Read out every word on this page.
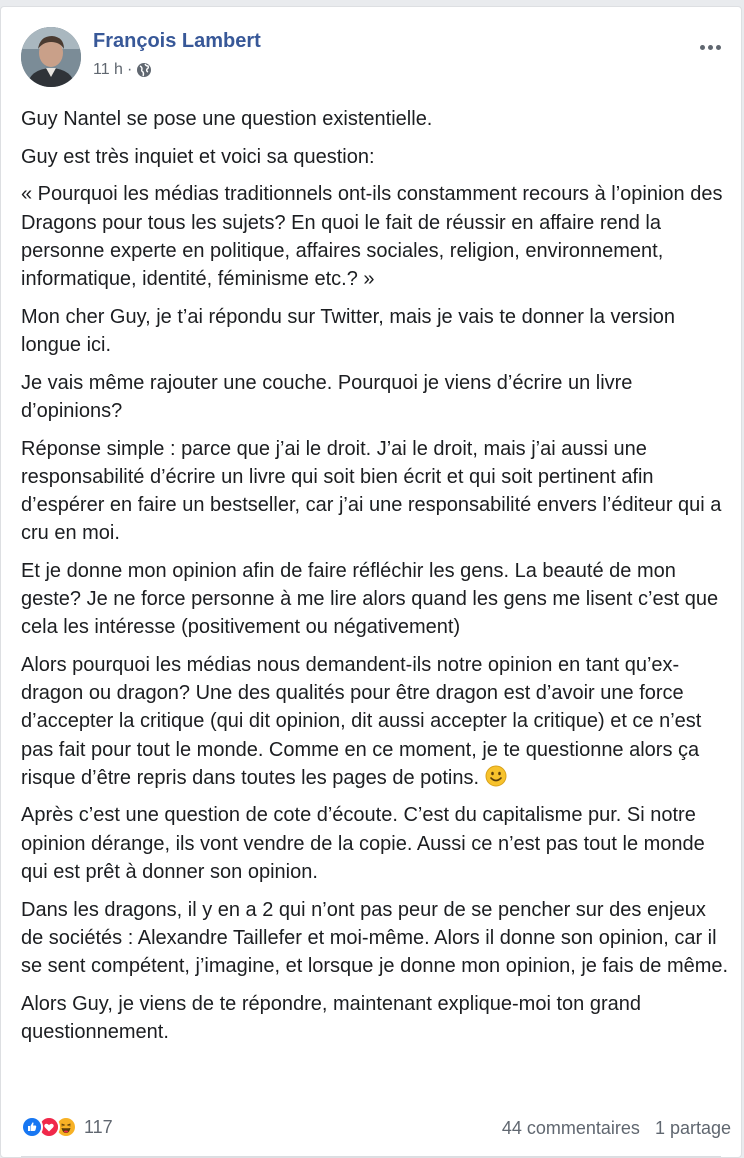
François Lambert
11 h ·

Guy Nantel se pose une question existentielle.

Guy est très inquiet et voici sa question:

« Pourquoi les médias traditionnels ont-ils constamment recours à l’opinion des Dragons pour tous les sujets? En quoi le fait de réussir en affaire rend la personne experte en politique, affaires sociales, religion, environnement, informatique, identité, féminisme etc.? »

Mon cher Guy, je t’ai répondu sur Twitter, mais je vais te donner la version longue ici.

Je vais même rajouter une couche. Pourquoi je viens d’écrire un livre d’opinions?

Réponse simple : parce que j’ai le droit. J’ai le droit, mais j’ai aussi une responsabilité d’écrire un livre qui soit bien écrit et qui soit pertinent afin d’espérer en faire un bestseller, car j’ai une responsabilité envers l’éditeur qui a cru en moi.

Et je donne mon opinion afin de faire réfléchir les gens. La beauté de mon geste? Je ne force personne à me lire alors quand les gens me lisent c’est que cela les intéresse (positivement ou négativement)

Alors pourquoi les médias nous demandent-ils notre opinion en tant qu’ex-dragon ou dragon? Une des qualités pour être dragon est d’avoir une force d’accepter la critique (qui dit opinion, dit aussi accepter la critique) et ce n’est pas fait pour tout le monde. Comme en ce moment, je te questionne alors ça risque d’être repris dans toutes les pages de potins.

Après c’est une question de cote d’écoute. C’est du capitalisme pur. Si notre opinion dérange, ils vont vendre de la copie. Aussi ce n’est pas tout le monde qui est prêt à donner son opinion.

Dans les dragons, il y en a 2 qui n’ont pas peur de se pencher sur des enjeux de sociétés : Alexandre Taillefer et moi-même. Alors il donne son opinion, car il se sent compétent, j’imagine, et lorsque je donne mon opinion, je fais de même.

Alors Guy, je viens de te répondre, maintenant explique-moi ton grand questionnement.

117	44 commentaires 1 partage
